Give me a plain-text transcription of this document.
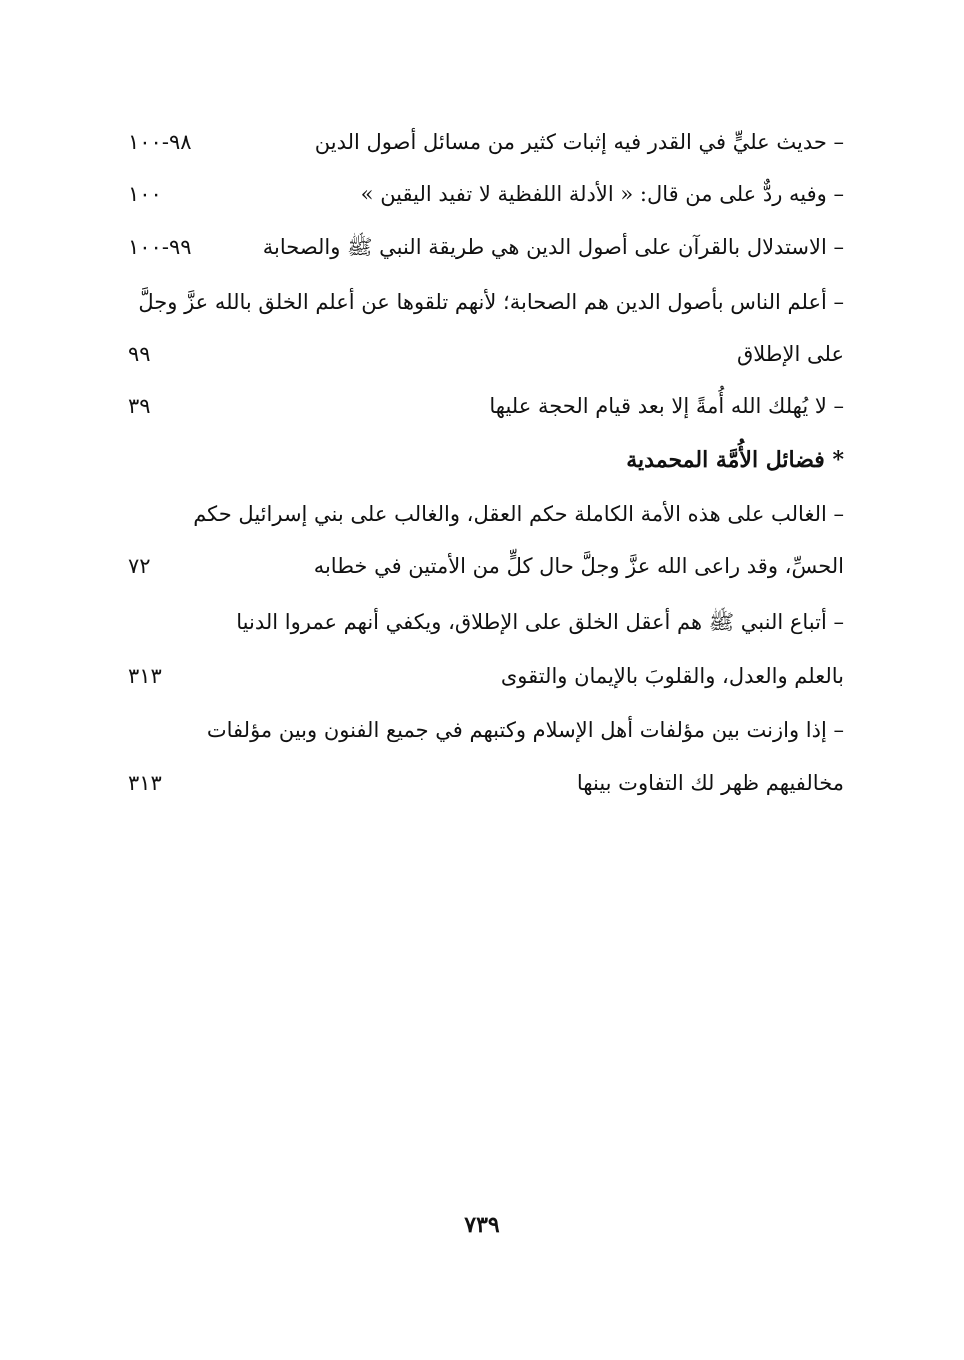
– حديث عليٍّ في القدر فيه إثبات كثير من مسائل أصول الدين
٩٨-١٠٠
– وفيه ردٌّ على من قال: « الأدلة اللفظية لا تفيد اليقين »
١٠٠
– الاستدلال بالقرآن على أصول الدين هي طريقة النبي ﷺ والصحابة
٩٩-١٠٠
– أعلم الناس بأصول الدين هم الصحابة؛ لأنهم تلقوها عن أعلم الخلق بالله عزَّ وجلَّ
على الإطلاق
٩٩
– لا يُهلك الله أُمةً إلا بعد قيام الحجة عليها
٣٩
* فضائل الأُمَّة المحمدية
– الغالب على هذه الأمة الكاملة حكم العقل، والغالب على بني إسرائيل حكم
الحسِّ، وقد راعى الله عزَّ وجلَّ حال كلٍّ من الأمتين في خطابه
٧٢
– أتباع النبي ﷺ هم أعقل الخلق على الإطلاق، ويكفي أنهم عمروا الدنيا
بالعلم والعدل، والقلوبَ بالإيمان والتقوى
٣١٣
– إذا وازنت بين مؤلفات أهل الإسلام وكتبهم في جميع الفنون وبين مؤلفات
مخالفيهم ظهر لك التفاوت بينها
٣١٣
٧٣٩
